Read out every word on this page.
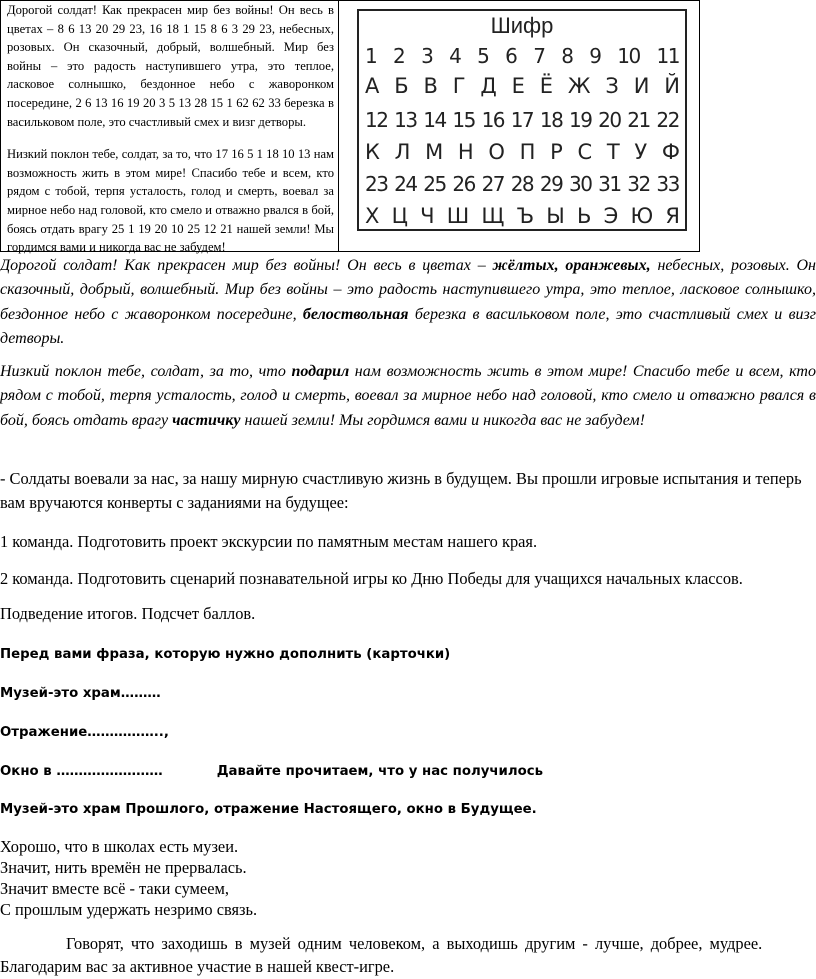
Дорогой солдат! Как прекрасен мир без войны! Он весь в цветах – 8 6 13 20 29 23, 16 18 1 15 8 6 3 29 23, небесных, розовых. Он сказочный, добрый, волшебный. Мир без войны – это радость наступившего утра, это теплое, ласковое солнышко, бездонное небо с жаворонком посередине, 2 6 13 16 19 20 3 5 13 28 15 1 62 62 33 березка в васильковом поле, это счастливый смех и визг детворы.

Низкий поклон тебе, солдат, за то, что 17 16 5 1 18 10 13 нам возможность жить в этом мире! Спасибо тебе и всем, кто рядом с тобой, терпя усталость, голод и смерть, воевал за мирное небо над головой, кто смело и отважно рвался в бой, боясь отдать врагу 25 1 19 20 10 25 12 21 нашей земли! Мы гордимся вами и никогда вас не забудем!

Шифр
1 2 3 4 5 6 7 8 9 10 11
А Б В Г Д Е Ё Ж З И Й
12 13 14 15 16 17 18 19 20 21 22
К Л М Н О П Р С Т У Ф
23 24 25 26 27 28 29 30 31 32 33
Х Ц Ч Ш Щ Ъ Ы Ь Э Ю Я

Дорогой солдат! Как прекрасен мир без войны! Он весь в цветах – жёлтых, оранжевых, небесных, розовых. Он сказочный, добрый, волшебный. Мир без войны – это радость наступившего утра, это теплое, ласковое солнышко, бездонное небо с жаворонком посередине, белоствольная березка в васильковом поле, это счастливый смех и визг детворы.

Низкий поклон тебе, солдат, за то, что подарил нам возможность жить в этом мире! Спасибо тебе и всем, кто рядом с тобой, терпя усталость, голод и смерть, воевал за мирное небо над головой, кто смело и отважно рвался в бой, боясь отдать врагу частичку нашей земли! Мы гордимся вами и никогда вас не забудем!

- Солдаты воевали за нас, за нашу мирную счастливую жизнь в будущем. Вы прошли игровые испытания и теперь вам вручаются конверты с заданиями на будущее:

1 команда. Подготовить проект экскурсии по памятным местам нашего края.

2 команда. Подготовить сценарий познавательной игры ко Дню Победы для учащихся начальных классов.

Подведение итогов. Подсчет баллов.

Перед вами фраза, которую нужно дополнить (карточки)

Музей-это храм………

Отражение……………..,

Окно в ……………………	Давайте прочитаем, что у нас получилось

Музей-это храм Прошлого, отражение Настоящего, окно в Будущее.

Хорошо, что в школах есть музеи.
Значит, нить времён не прервалась.
Значит вместе всё - таки сумеем,
С прошлым удержать незримо связь.

Говорят, что заходишь в музей одним человеком, а выходишь другим - лучше, добрее, мудрее.

Благодарим вас за активное участие в нашей квест-игре.
